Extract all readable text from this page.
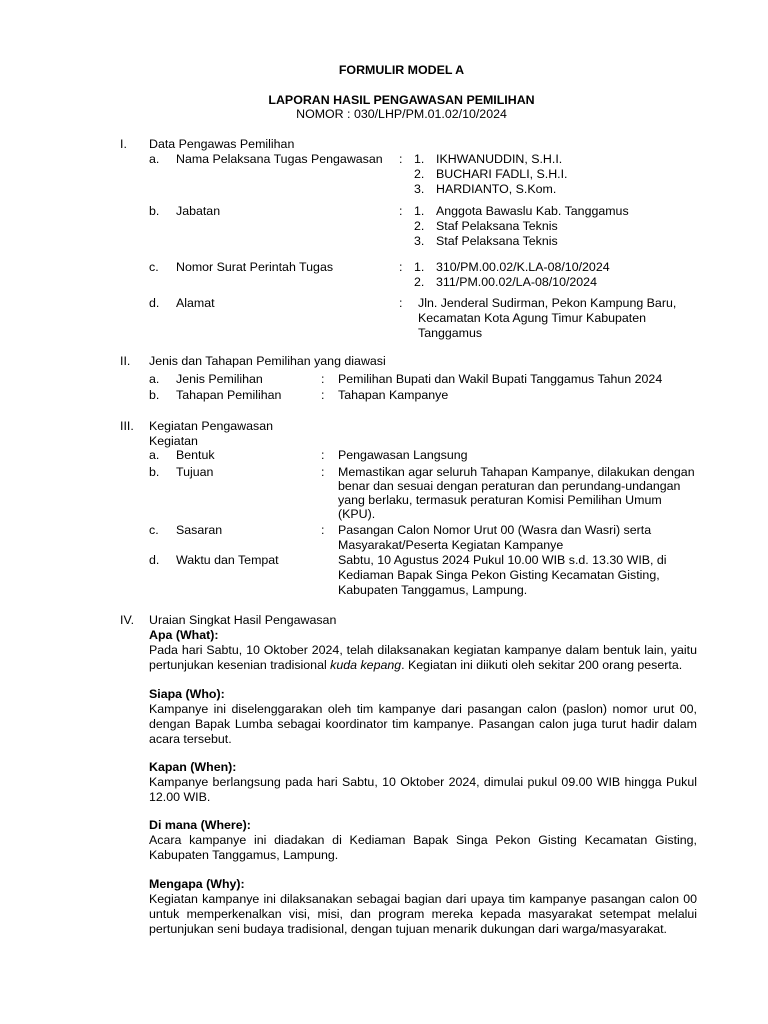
FORMULIR MODEL A
LAPORAN HASIL PENGAWASAN PEMILIHAN
NOMOR : 030/LHP/PM.01.02/10/2024
I. Data Pengawas Pemilihan
a. Nama Pelaksana Tugas Pengawasan : 1. IKHWANUDDIN, S.H.I.
2. BUCHARI FADLI, S.H.I.
3. HARDIANTO, S.Kom.
b. Jabatan	: 1. Anggota Bawaslu Kab. Tanggamus
2. Staf Pelaksana Teknis
3. Staf Pelaksana Teknis
c. Nomor Surat Perintah Tugas	: 1. 310/PM.00.02/K.LA-08/10/2024
2. 311/PM.00.02/LA-08/10/2024
d. Alamat	: Jln. Jenderal Sudirman, Pekon Kampung Baru,
Kecamatan Kota Agung Timur Kabupaten
Tanggamus
II. Jenis dan Tahapan Pemilihan yang diawasi
a. Jenis Pemilihan	: Pemilihan Bupati dan Wakil Bupati Tanggamus Tahun 2024
b. Tahapan Pemilihan	: Tahapan Kampanye
III. Kegiatan Pengawasan
Kegiatan
a. Bentuk	: Pengawasan Langsung
b. Tujuan	: Memastikan agar seluruh Tahapan Kampanye, dilakukan dengan
benar dan sesuai dengan peraturan dan perundang-undangan
yang berlaku, termasuk peraturan Komisi Pemilihan Umum
(KPU).
c. Sasaran	: Pasangan Calon Nomor Urut 00 (Wasra dan Wasri) serta
Masyarakat/Peserta Kegiatan Kampanye
d. Waktu dan Tempat	Sabtu, 10 Agustus 2024 Pukul 10.00 WIB s.d. 13.30 WIB, di
Kediaman Bapak Singa Pekon Gisting Kecamatan Gisting,
Kabupaten Tanggamus, Lampung.
IV. Uraian Singkat Hasil Pengawasan
Apa (What):
Pada hari Sabtu, 10 Oktober 2024, telah dilaksanakan kegiatan kampanye dalam bentuk lain, yaitu pertunjukan kesenian tradisional kuda kepang. Kegiatan ini diikuti oleh sekitar 200 orang peserta.
Siapa (Who):
Kampanye ini diselenggarakan oleh tim kampanye dari pasangan calon (paslon) nomor urut 00, dengan Bapak Lumba sebagai koordinator tim kampanye. Pasangan calon juga turut hadir dalam acara tersebut.
Kapan (When):
Kampanye berlangsung pada hari Sabtu, 10 Oktober 2024, dimulai pukul 09.00 WIB hingga Pukul 12.00 WIB.
Di mana (Where):
Acara kampanye ini diadakan di Kediaman Bapak Singa Pekon Gisting Kecamatan Gisting, Kabupaten Tanggamus, Lampung.
Mengapa (Why):
Kegiatan kampanye ini dilaksanakan sebagai bagian dari upaya tim kampanye pasangan calon 00 untuk memperkenalkan visi, misi, dan program mereka kepada masyarakat setempat melalui pertunjukan seni budaya tradisional, dengan tujuan menarik dukungan dari warga/masyarakat.
